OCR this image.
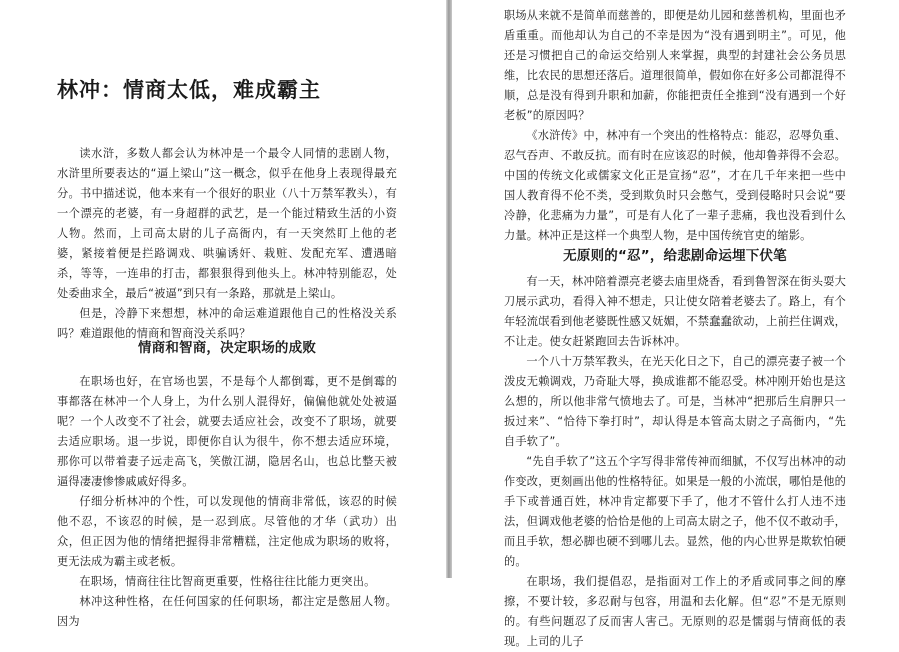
林冲：情商太低，难成霸主

读水浒，多数人都会认为林冲是一个最令人同情的悲剧人物，水浒里所要表达的“逼上梁山”这一概念，似乎在他身上表现得最充分。书中描述说，他本来有一个很好的职业（八十万禁军教头），有一个漂亮的老婆，有一身超群的武艺，是一个能过精致生活的小资人物。然而，上司高太尉的儿子高衙内，有一天突然盯上他的老婆，紧接着便是拦路调戏、哄骗诱奸、栽赃、发配充军、遭遇暗杀，等等，一连串的打击，都狠狠得到他头上。林冲特别能忍，处处委曲求全，最后“被逼”到只有一条路，那就是上梁山。

但是，冷静下来想想，林冲的命运难道跟他自己的性格没关系吗？难道跟他的情商和智商没关系吗？

情商和智商，决定职场的成败

在职场也好，在官场也罢，不是每个人都倒霉，更不是倒霉的事都落在林冲一个人身上，为什么别人混得好，偏偏他就处处被逼呢？一个人改变不了社会，就要去适应社会，改变不了职场，就要去适应职场。退一步说，即便你自认为很牛，你不想去适应环境，那你可以带着妻子远走高飞，笑傲江湖，隐居名山，也总比整天被逼得凄凄惨惨戚戚好得多。

仔细分析林冲的个性，可以发现他的情商非常低，该忍的时候他不忍，不该忍的时候，是一忍到底。尽管他的才华（武功）出众，但正因为他的情绪把握得非常糟糕，注定他成为职场的败将，更无法成为霸主或老板。

在职场，情商往往比智商更重要，性格往往比能力更突出。

林冲这种性格，在任何国家的任何职场，都注定是憋屈人物。因为

职场从来就不是简单而慈善的，即便是幼儿园和慈善机构，里面也矛盾重重。而他却认为自己的不幸是因为“没有遇到明主”。可见，他还是习惯把自己的命运交给别人来掌握，典型的封建社会公务员思维，比农民的思想还落后。道理很简单，假如你在好多公司都混得不顺，总是没有得到升职和加薪，你能把责任全推到“没有遇到一个好老板”的原因吗？

《水浒传》中，林冲有一个突出的性格特点：能忍，忍辱负重、忍气吞声、不敢反抗。而有时在应该忍的时候，他却鲁莽得不会忍。中国的传统文化或儒家文化正是宣扬“忍”，才在几千年来把一些中国人教育得不伦不类，受到欺负时只会憋气，受到侵略时只会说“要冷静，化悲痛为力量”，可是有人化了一辈子悲痛，我也没看到什么力量。林冲正是这样一个典型人物，是中国传统官吏的缩影。

无原则的“忍”，给悲剧命运埋下伏笔

有一天，林冲陪着漂亮老婆去庙里烧香，看到鲁智深在街头耍大刀展示武功，看得入神不想走，只让使女陪着老婆去了。路上，有个年轻流氓看到他老婆既性感又妩媚，不禁蠢蠢欲动，上前拦住调戏，不让走。使女赶紧跑回去告诉林冲。

一个八十万禁军教头，在光天化日之下，自己的漂亮妻子被一个泼皮无赖调戏，乃奇耻大辱，换成谁都不能忍受。林冲刚开始也是这么想的，所以他非常气愤地去了。可是，当林冲“把那后生肩胛只一扳过来”、“恰待下拳打时”，却认得是本管高太尉之子高衙内，“先自手软了”。

“先自手软了”这五个字写得非常传神而细腻，不仅写出林冲的动作变改，更刻画出他的性格特征。如果是一般的小流氓，哪怕是他的手下或普通百姓，林冲肯定都要下手了，他才不管什么打人违不违法，但调戏他老婆的恰恰是他的上司高太尉之子，他不仅不敢动手，而且手软，想必脚也硬不到哪儿去。显然，他的内心世界是欺软怕硬的。

在职场，我们提倡忍，是指面对工作上的矛盾或同事之间的摩擦，不要计较，多忍耐与包容，用温和去化解。但“忍”不是无原则的。有些问题忍了反而害人害己。无原则的忍是懦弱与情商低的表现。上司的儿子
